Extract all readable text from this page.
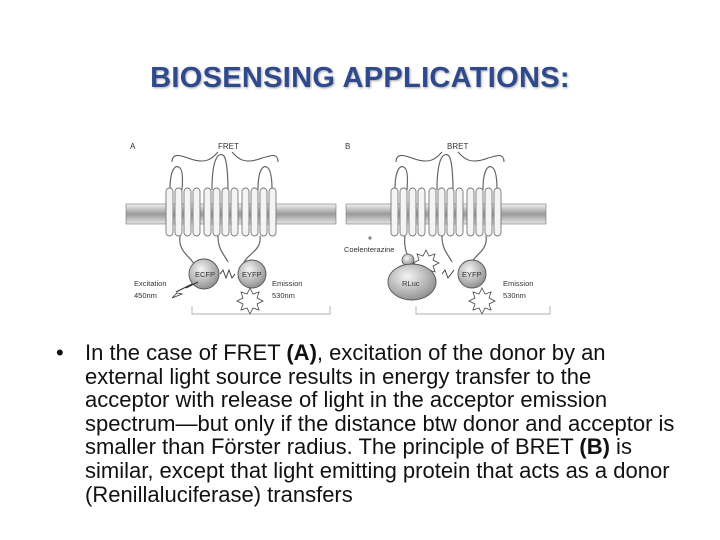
BIOSENSING APPLICATIONS:
A	FRET
ECFP	EYFP
Excitation
450nm
Emission
530nm
B	BRET
Coelenterazine
RLuc
EYFP
Emission
530nm
• In the case of FRET (A), excitation of the donor by an external light source results in energy transfer to the acceptor with release of light in the acceptor emission spectrum—but only if the distance btw donor and acceptor is smaller than Förster radius. The principle of BRET (B) is similar, except that light emitting protein that acts as a donor (Renillaluciferase) transfers
